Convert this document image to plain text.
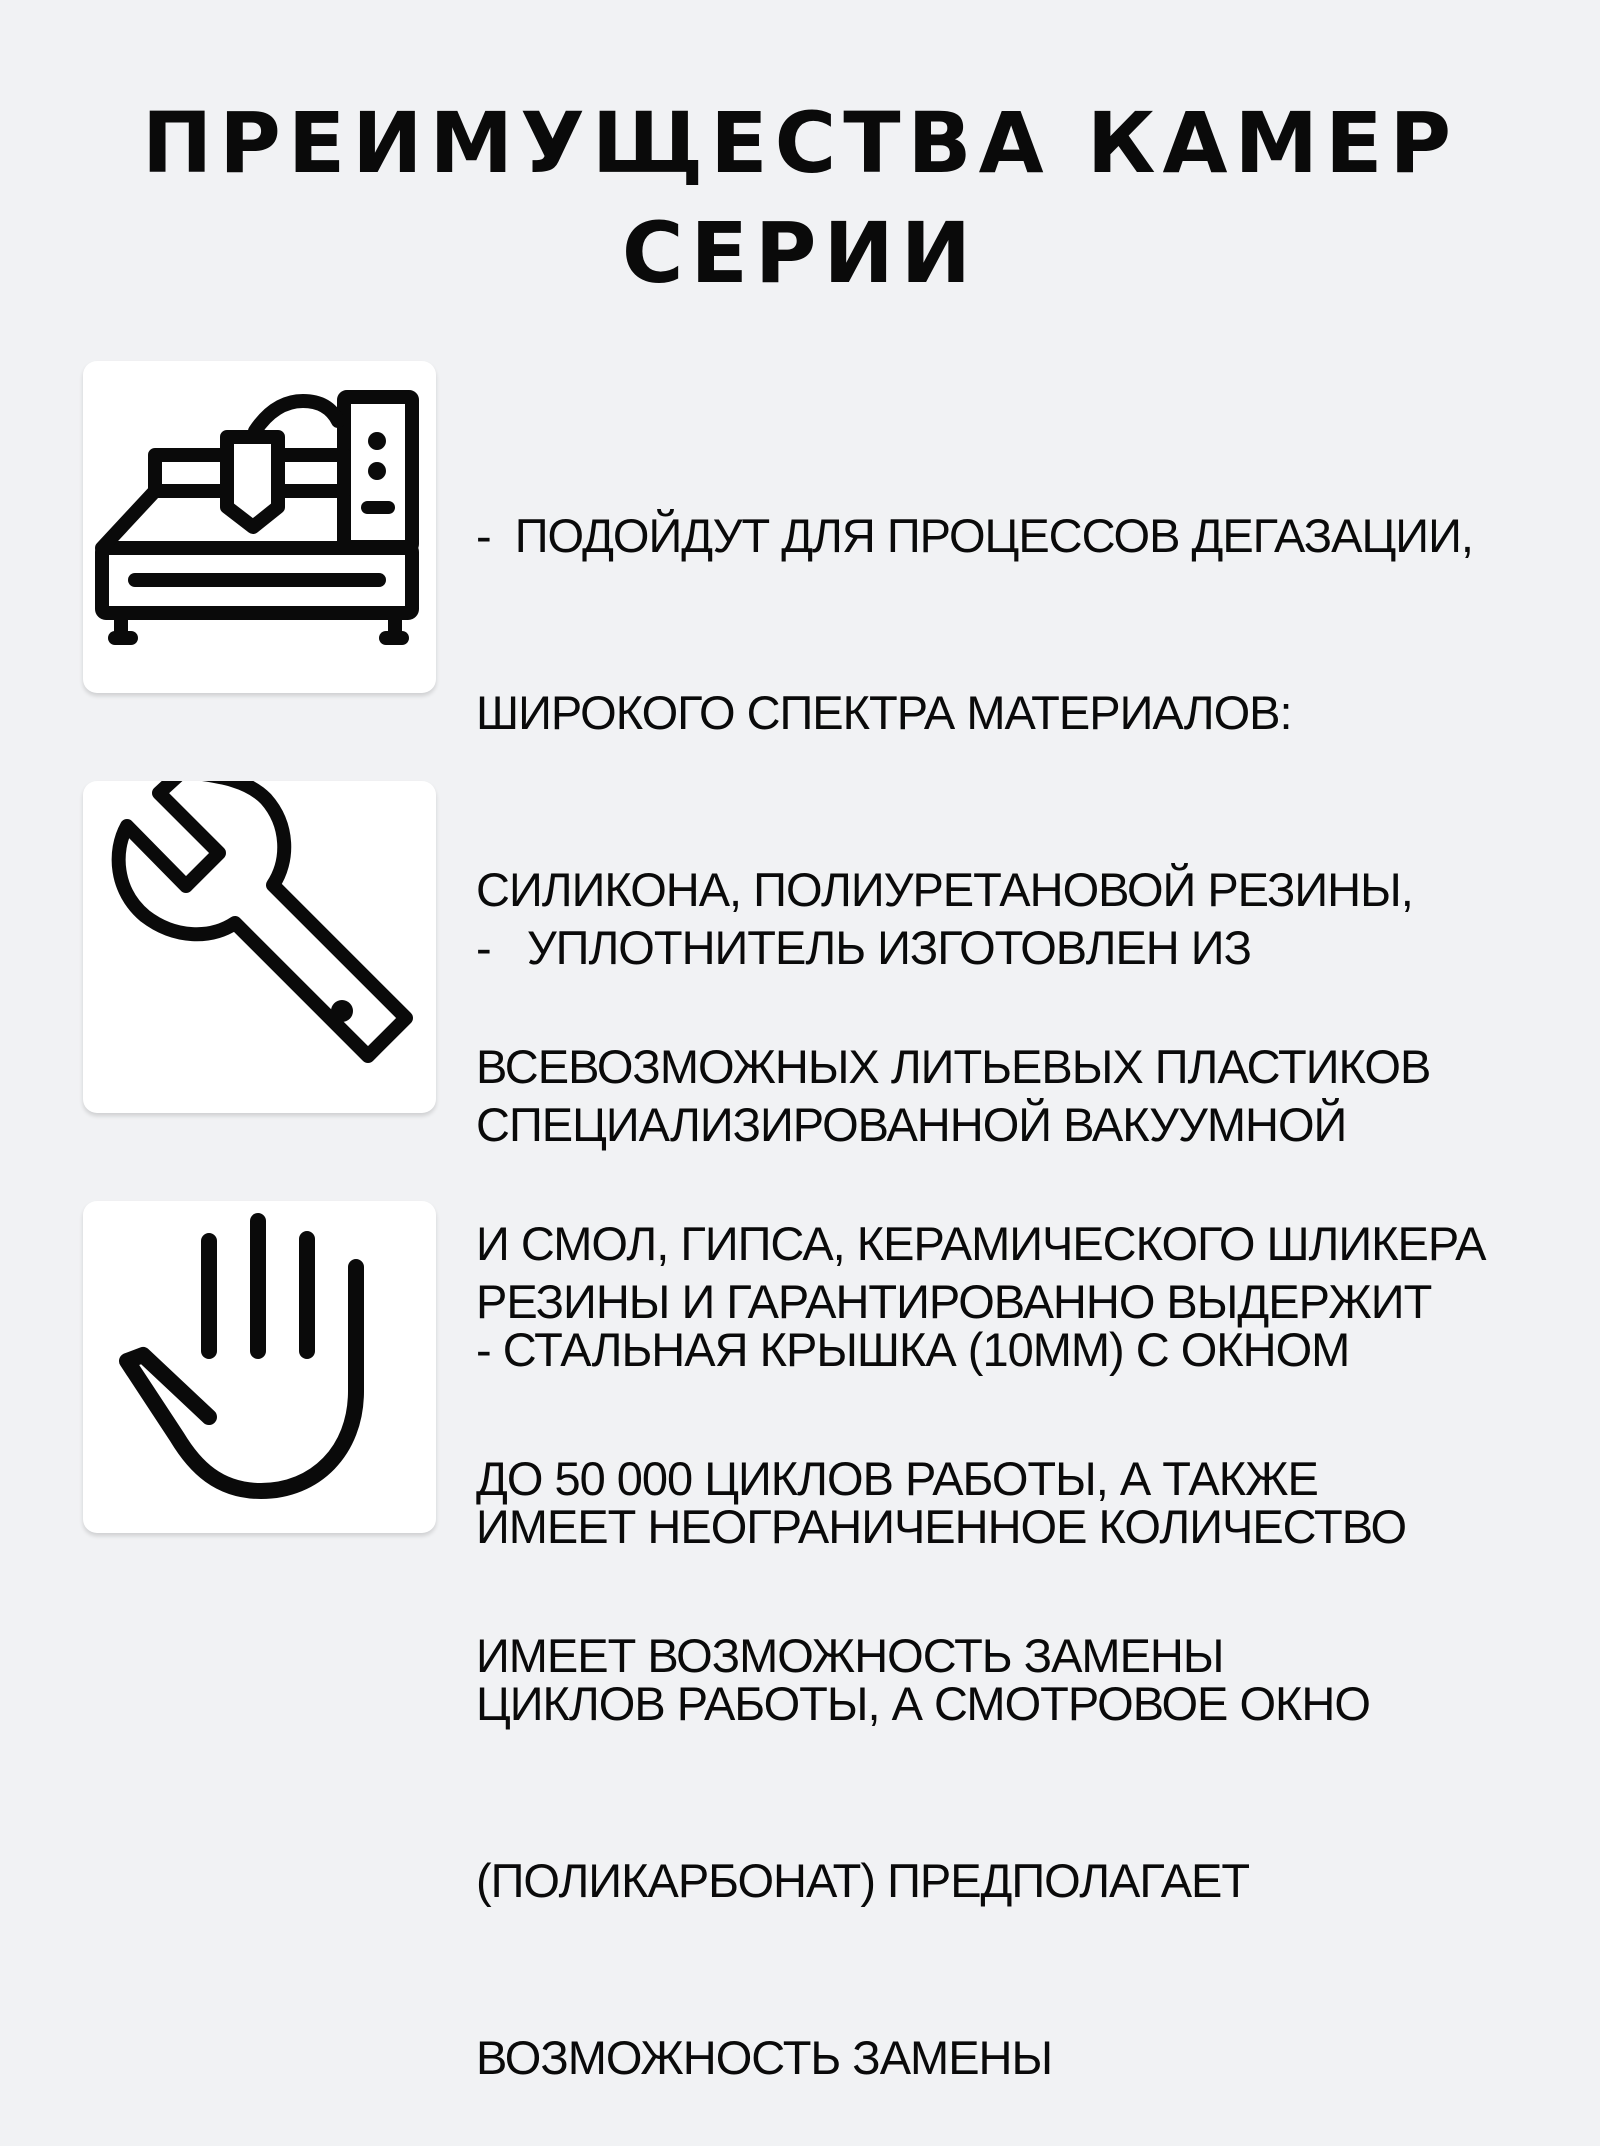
ПРЕИМУЩЕСТВА КАМЕР
СЕРИИ

-  ПОДОЙДУТ ДЛЯ ПРОЦЕССОВ ДЕГАЗАЦИИ,

ШИРОКОГО СПЕКТРА МАТЕРИАЛОВ:

СИЛИКОНА, ПОЛИУРЕТАНОВОЙ РЕЗИНЫ,

ВСЕВОЗМОЖНЫХ ЛИТЬЕВЫХ ПЛАСТИКОВ

И СМОЛ, ГИПСА, КЕРАМИЧЕСКОГО ШЛИКЕРА

-   УПЛОТНИТЕЛЬ ИЗГОТОВЛЕН ИЗ

СПЕЦИАЛИЗИРОВАННОЙ ВАКУУМНОЙ

РЕЗИНЫ И ГАРАНТИРОВАННО ВЫДЕРЖИТ

ДО 50 000 ЦИКЛОВ РАБОТЫ, А ТАКЖЕ

ИМЕЕТ ВОЗМОЖНОСТЬ ЗАМЕНЫ

- СТАЛЬНАЯ КРЫШКА (10ММ) С ОКНОМ

ИМЕЕТ НЕОГРАНИЧЕННОЕ КОЛИЧЕСТВО

ЦИКЛОВ РАБОТЫ, А СМОТРОВОЕ ОКНО

(ПОЛИКАРБОНАТ) ПРЕДПОЛАГАЕТ

ВОЗМОЖНОСТЬ ЗАМЕНЫ
